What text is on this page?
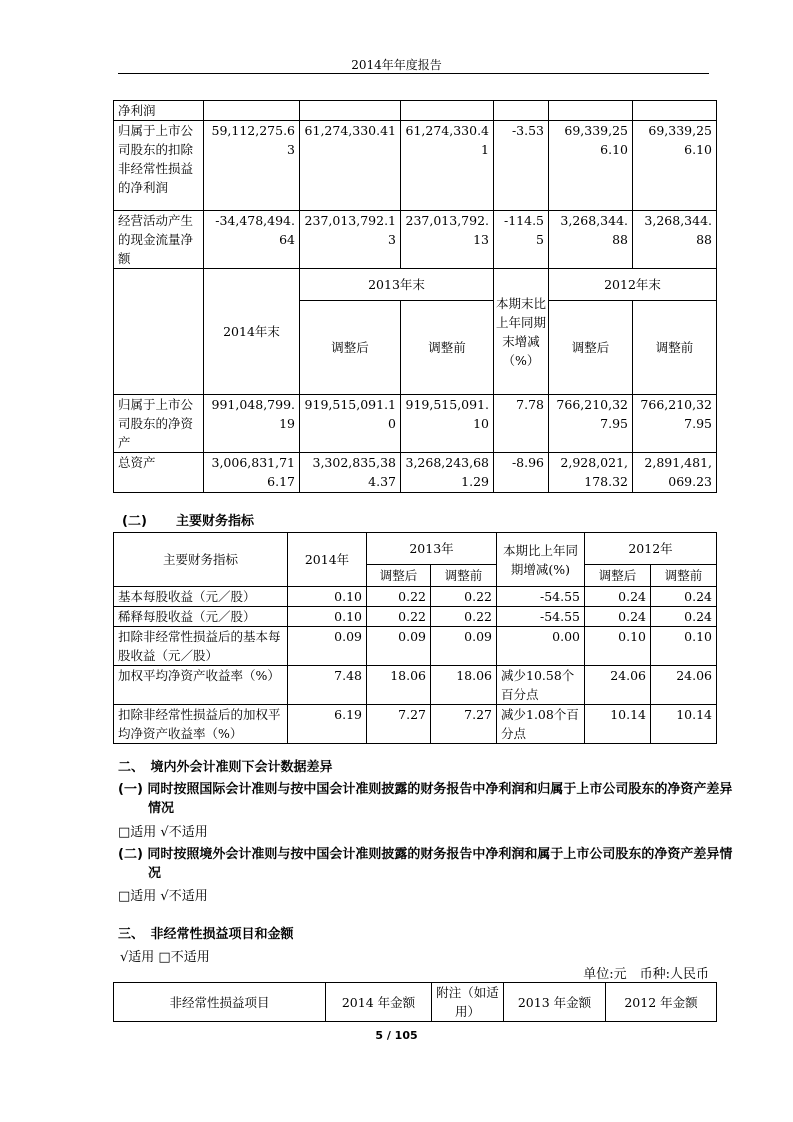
2014年年度报告
净利润						
归属于上市公司股东的扣除非经常性损益的净利润	59,112,275.63	61,274,330.41	61,274,330.41	-3.53	69,339,256.10	69,339,256.10
经营活动产生的现金流量净额	-34,478,494.64	237,013,792.13	237,013,792.13	-114.55	3,268,344.88	3,268,344.88
	2014年末	2013年末		本期末比上年同期末增减（%）	2012年末	
		调整后	调整前		调整后	调整前
归属于上市公司股东的净资产	991,048,799.19	919,515,091.10	919,515,091.10	7.78	766,210,327.95	766,210,327.95
总资产	3,006,831,716.17	3,302,835,384.37	3,268,243,681.29	-8.96	2,928,021,178.32	2,891,481,069.23
(二) 主要财务指标
主要财务指标	2014年	2013年		本期比上年同期增减(%)	2012年	
		调整后	调整前		调整后	调整前
基本每股收益（元／股）	0.10	0.22	0.22	-54.55	0.24	0.24
稀释每股收益（元／股）	0.10	0.22	0.22	-54.55	0.24	0.24
扣除非经常性损益后的基本每股收益（元／股）	0.09	0.09	0.09	0.00	0.10	0.10
加权平均净资产收益率（%）	7.48	18.06	18.06	减少10.58个百分点	24.06	24.06
扣除非经常性损益后的加权平均净资产收益率（%）	6.19	7.27	7.27	减少1.08个百分点	10.14	10.14
二、　境内外会计准则下会计数据差异
(一) 同时按照国际会计准则与按中国会计准则披露的财务报告中净利润和归属于上市公司股东的净资产差异情况
□适用 √不适用
(二) 同时按照境外会计准则与按中国会计准则披露的财务报告中净利润和属于上市公司股东的净资产差异情况
□适用 √不适用
三、　非经常性损益项目和金额
√适用 □不适用
单位:元　币种:人民币
非经常性损益项目	2014 年金额	附注（如适用）	2013 年金额	2012 年金额
5 / 105
